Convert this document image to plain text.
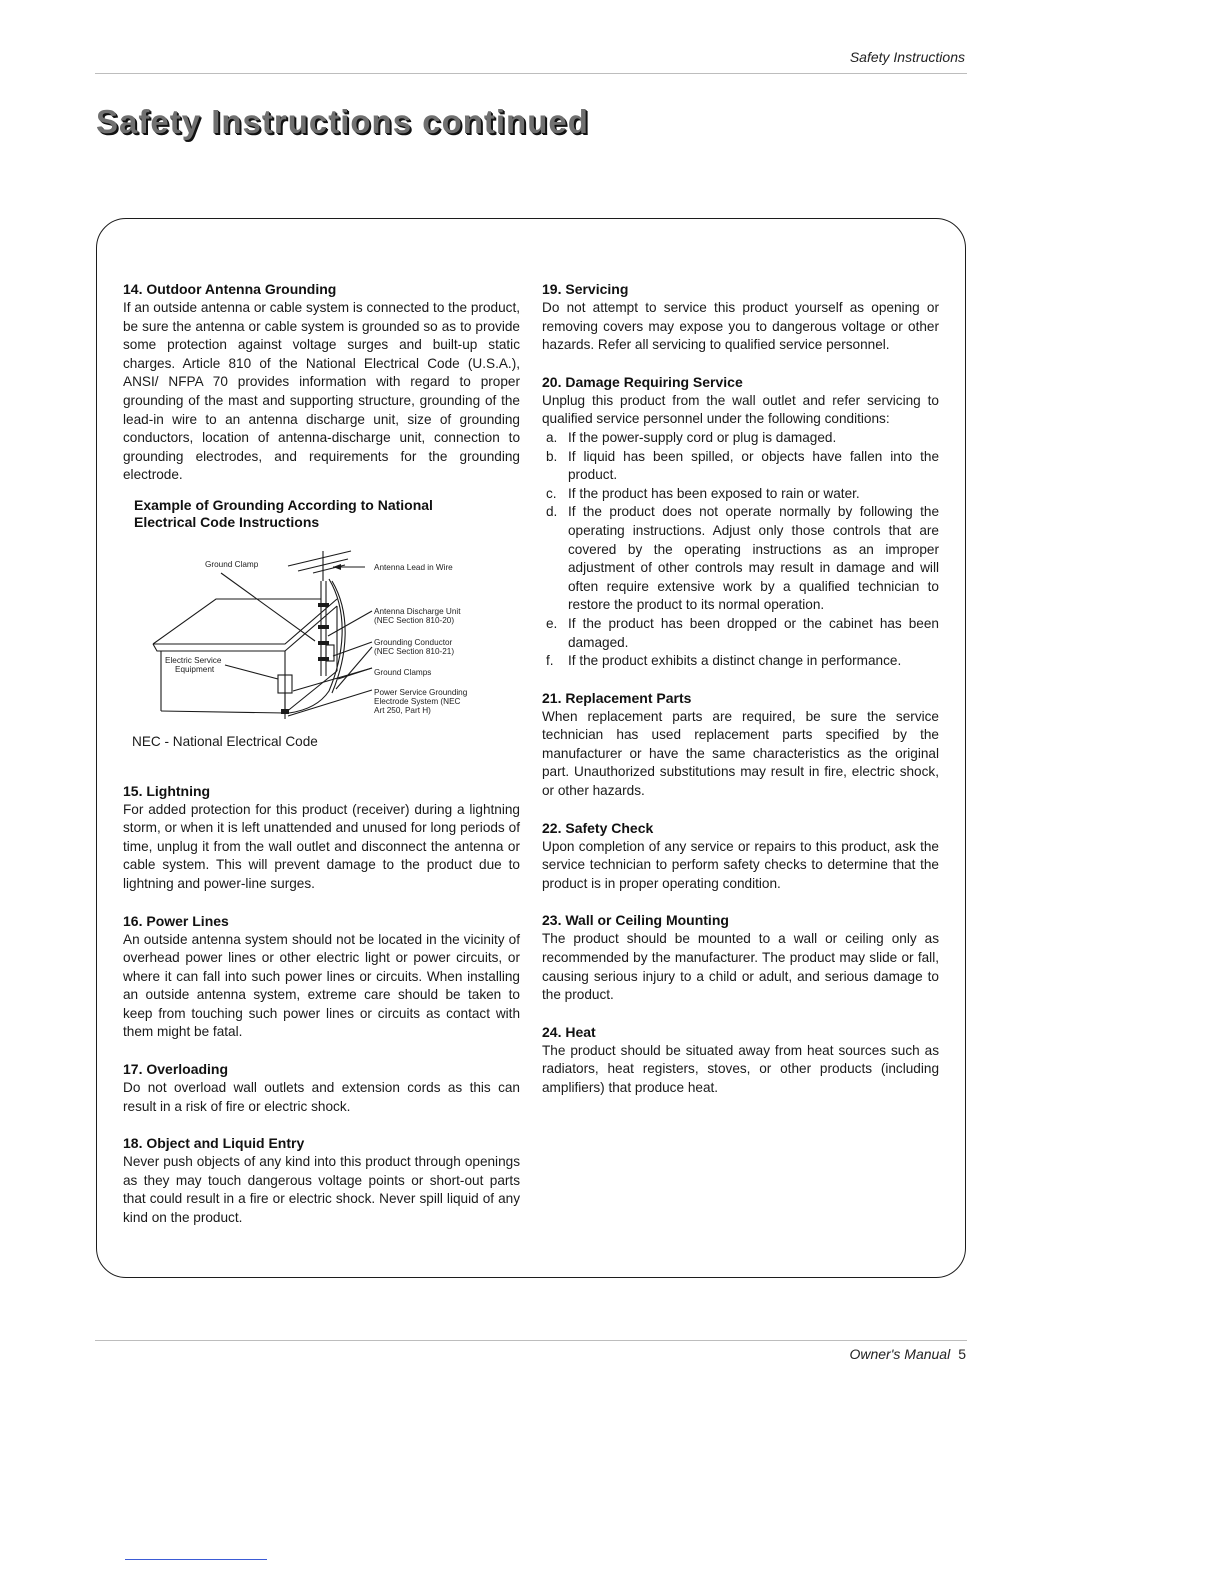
Safety Instructions
Safety Instructions continued
14. Outdoor Antenna Grounding

If an outside antenna or cable system is connected to the product, be sure the antenna or cable system is grounded so as to provide some protection against voltage surges and built-up static charges. Article 810 of the National Electrical Code (U.S.A.), ANSI/ NFPA 70 provides information with regard to proper grounding of the mast and supporting structure, grounding of the lead-in wire to an antenna discharge unit, size of grounding conductors, location of antenna-discharge unit, connection to grounding electrodes, and requirements for the grounding electrode.

Example of Grounding According to National
Electrical Code Instructions
Ground Clamp	Antenna Lead in Wire
Antenna Discharge Unit
(NEC Section 810-20)
Grounding Conductor
(NEC Section 810-21)
Ground Clamps
Electric Service
Equipment
Power Service Grounding
Electrode System (NEC
Art 250, Part H)
NEC - National Electrical Code
15. Lightning

For added protection for this product (receiver) during a lightning storm, or when it is left unattended and unused for long periods of time, unplug it from the wall outlet and disconnect the antenna or cable system. This will prevent damage to the product due to lightning and power-line surges.

16. Power Lines

An outside antenna system should not be located in the vicinity of overhead power lines or other electric light or power circuits, or where it can fall into such power lines or circuits. When installing an outside antenna system, extreme care should be taken to keep from touching such power lines or circuits as contact with them might be fatal.

17. Overloading

Do not overload wall outlets and extension cords as this can result in a risk of fire or electric shock.

18. Object and Liquid Entry

Never push objects of any kind into this product through openings as they may touch dangerous voltage points or short-out parts that could result in a fire or electric shock. Never spill liquid of any kind on the product.

19. Servicing

Do not attempt to service this product yourself as opening or removing covers may expose you to dangerous voltage or other hazards. Refer all servicing to qualified service personnel.

20. Damage Requiring Service

Unplug this product from the wall outlet and refer servicing to qualified service personnel under the following conditions:

a. If the power-supply cord or plug is damaged.
b. If liquid has been spilled, or objects have fallen into the product.
c. If the product has been exposed to rain or water.
d. If the product does not operate normally by following the operating instructions. Adjust only those controls that are covered by the operating instructions as an improper adjustment of other controls may result in damage and will often require extensive work by a qualified technician to restore the product to its normal operation.
e. If the product has been dropped or the cabinet has been damaged.
f.	If the product exhibits a distinct change in performance.
21. Replacement Parts

When replacement parts are required, be sure the service technician has used replacement parts specified by the manufacturer or have the same characteristics as the original part. Unauthorized substitutions may result in fire, electric shock, or other hazards.

22. Safety Check

Upon completion of any service or repairs to this product, ask the service technician to perform safety checks to determine that the product is in proper operating condition.

23. Wall or Ceiling Mounting

The product should be mounted to a wall or ceiling only as recommended by the manufacturer. The product may slide or fall, causing serious injury to a child or adult, and serious damage to the product.

24. Heat

The product should be situated away from heat sources such as radiators, heat registers, stoves, or other products (including amplifiers) that produce heat.

Owner's Manual 5
